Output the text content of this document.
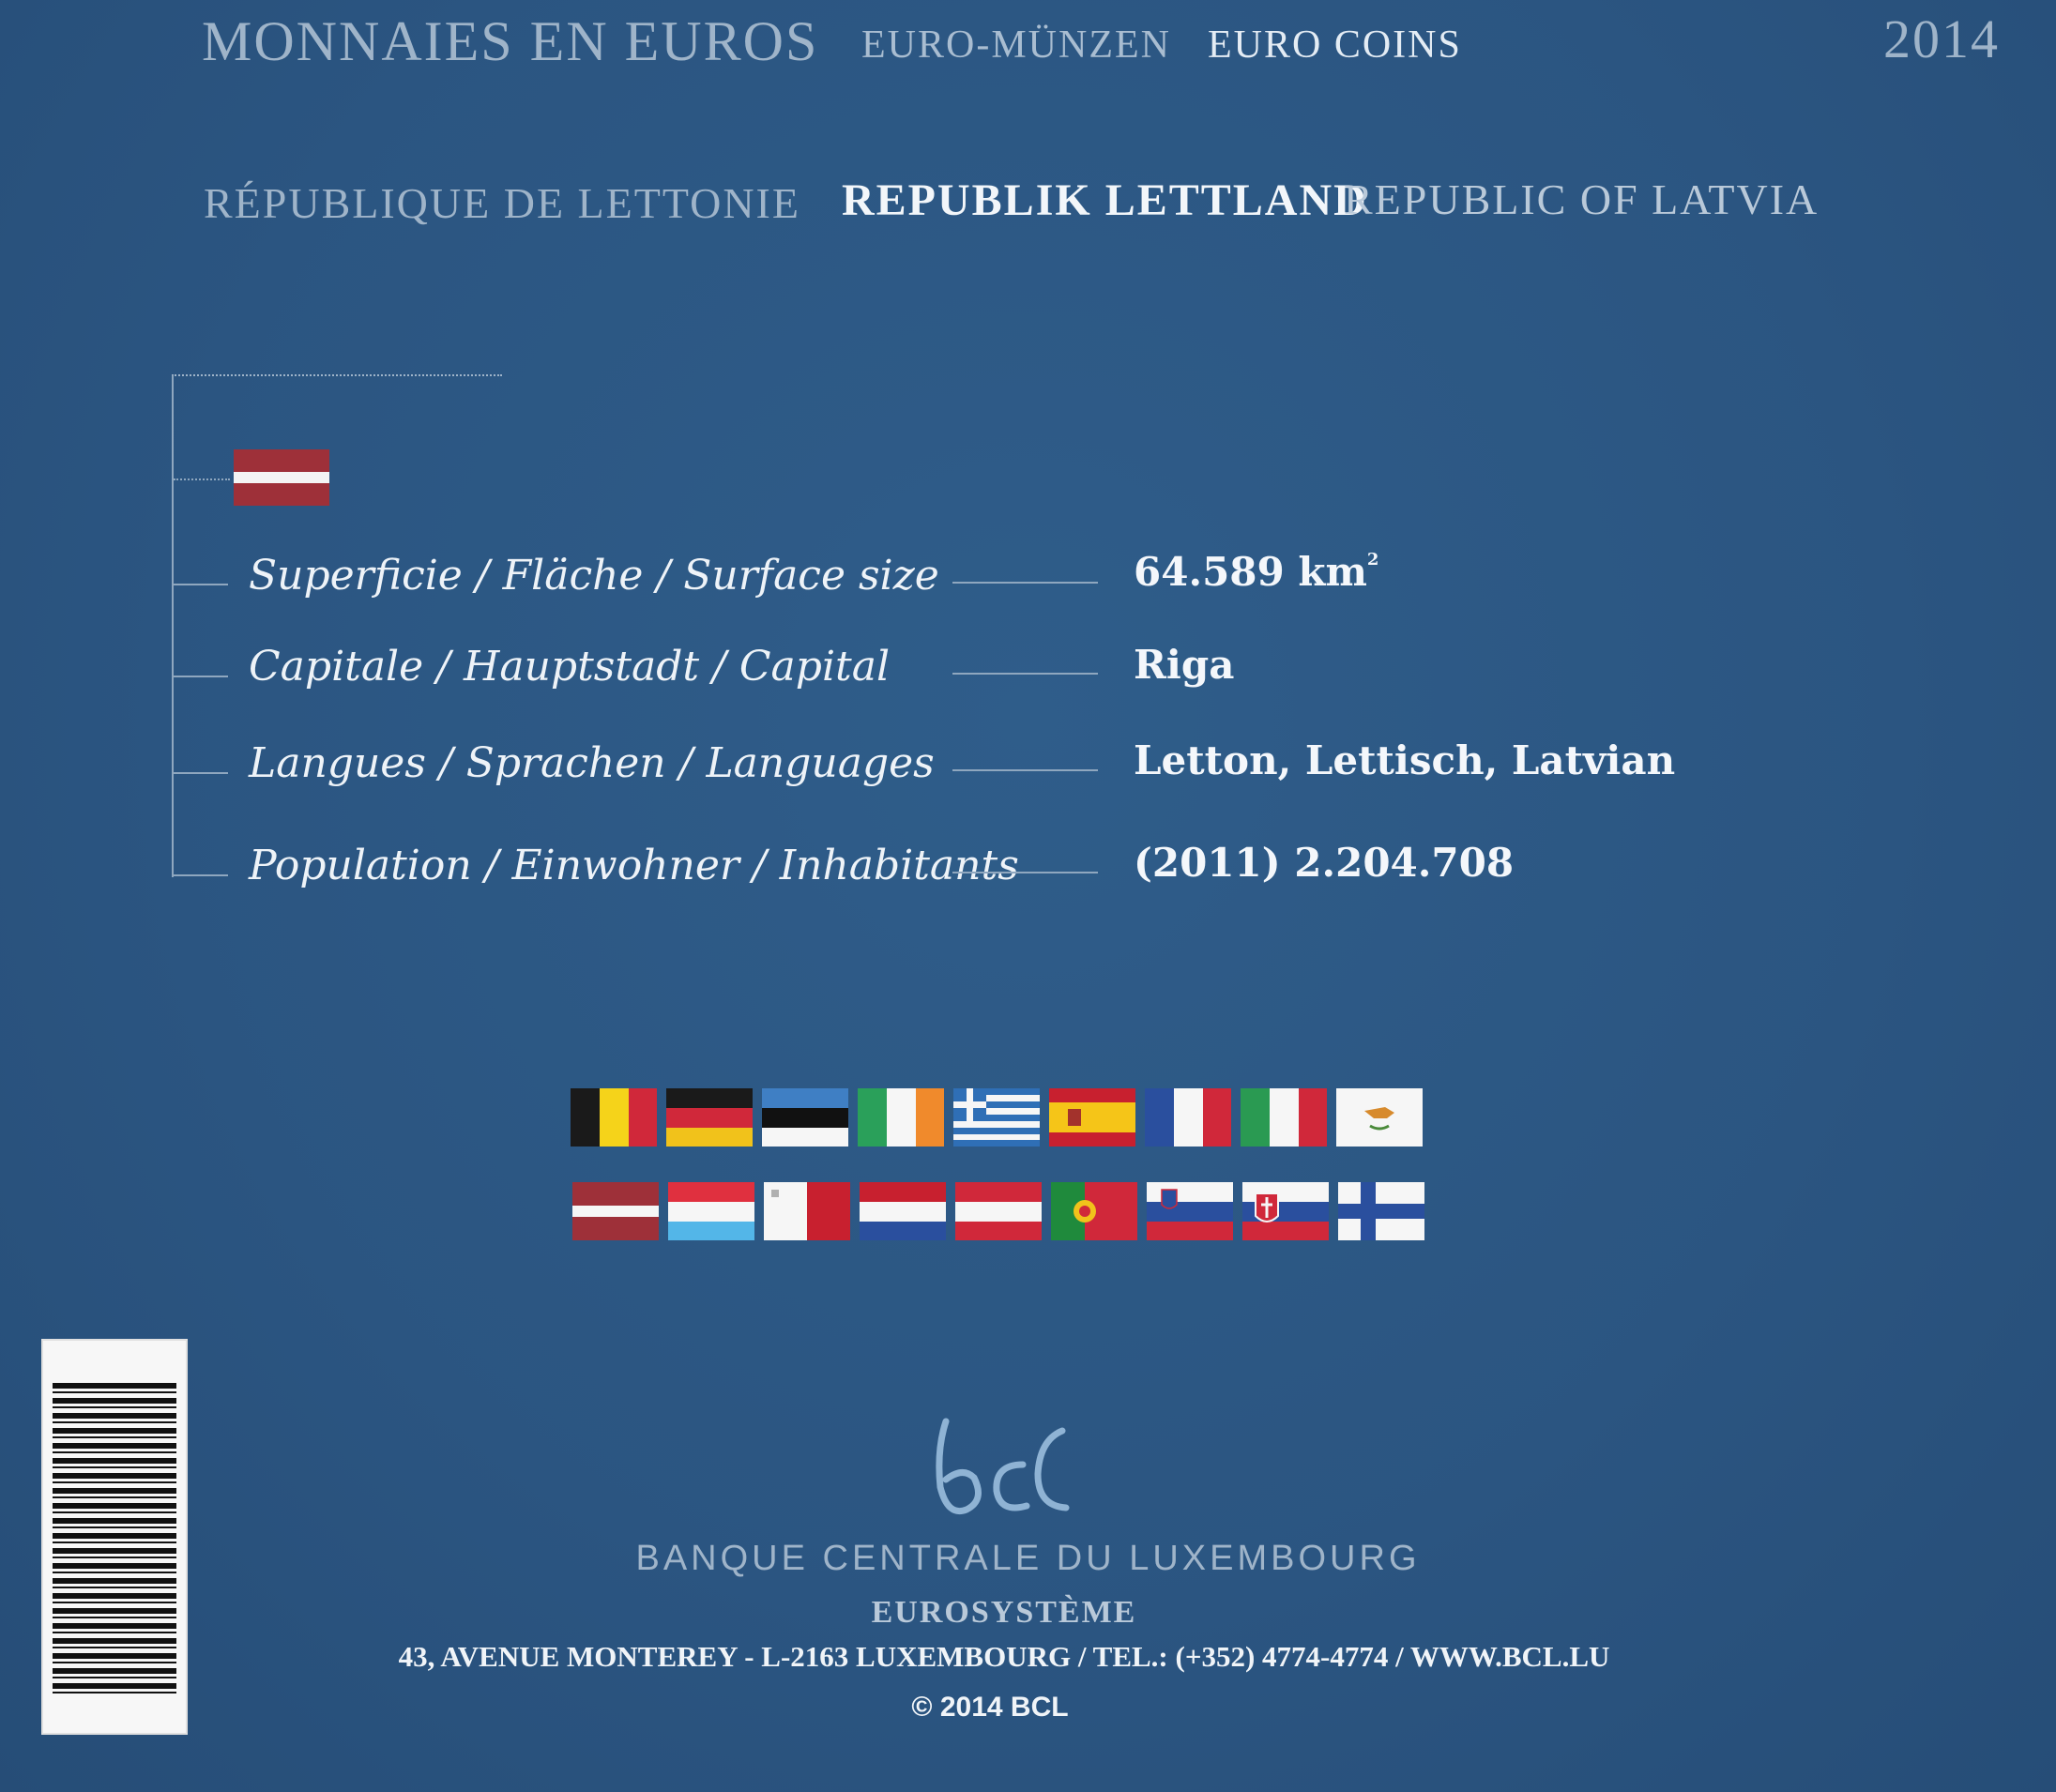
MONNAIES EN EUROS EURO-MÜNZEN EURO COINS	2014
RÉPUBLIQUE DE LETTONIE REPUBLIK LETTLAND
REPUBLIC OF LATVIA
Superficie / Fläche / Surface size	64.589 $km^2$
Capitale / Hauptstadt / Capital	Riga
Langues / Sprachen / Languages	Letton, Lettisch, Latvian
Population / Einwohner / Inhabitants	(2011) 2.204.708
BANQUE CENTRALE DU LUXEMBOURG
EUROSYSTÈME
43, AVENUE MONTEREY - L-2163 LUXEMBOURG / TEL.: (+352) 4774-4774 / WWW.BCL.LU
© 2014 BCL
